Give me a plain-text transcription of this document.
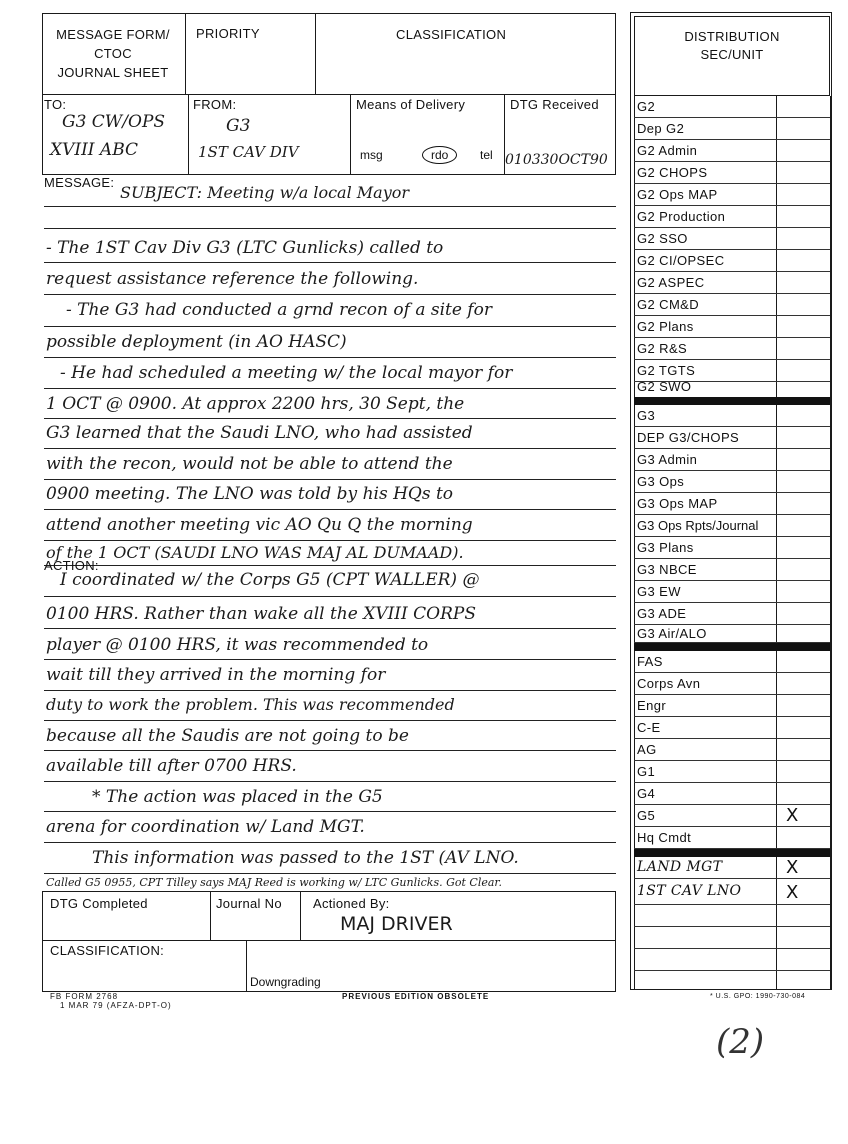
MESSAGE FORM/
CTOC
JOURNAL SHEET
PRIORITY	CLASSIFICATION
TO:
G3 CW/OPS
XVIII ABC
FROM:
G3
1ST CAV DIV
Means of Delivery
msg	rdo	tel
DTG Received
010330OCT90
MESSAGE:
SUBJECT: Meeting w/a local Mayor
- The 1ST Cav Div G3 (LTC Gunlicks) called to
request assistance reference the following.
- The G3 had conducted a grnd recon of a site for
possible deployment (in AO HASC)
- He had scheduled a meeting w/ the local mayor for
1 OCT @ 0900. At approx 2200 hrs, 30 Sept, the
G3 learned that the Saudi LNO, who had assisted
with the recon, would not be able to attend the
0900 meeting. The LNO was told by his HQs to
attend another meeting vic AO Qu Q the morning
of the 1 OCT (SAUDI LNO WAS MAJ AL DUMAAD).
ACTION:
I coordinated w/ the Corps G5 (CPT WALLER) @
0100 HRS. Rather than wake all the XVIII CORPS
player @ 0100 HRS, it was recommended to
wait till they arrived in the morning for
duty to work the problem. This was recommended
because all the Saudis are not going to be
available till after 0700 HRS.
* The action was placed in the G5
arena for coordination w/ Land MGT.
This information was passed to the 1ST (AV LNO.
Called G5 0955, CPT Tilley says MAJ Reed is working w/ LTC Gunlicks. Got Clear.
DTG Completed	Journal No Actioned By:
MAJ DRIVER
CLASSIFICATION:
Downgrading
FB FORM 2768
1 MAR 79 (AFZA-DPT-O)
PREVIOUS EDITION OBSOLETE
DISTRIBUTION
SEC/UNIT
G2
Dep G2
G2 Admin
G2 CHOPS
G2 Ops MAP
G2 Production
G2 SSO
G2 CI/OPSEC
G2 ASPEC
G2 CM&D
G2 Plans
G2 R&S
G2 TGTS
G2 SWO
G3
DEP G3/CHOPS
G3 Admin
G3 Ops
G3 Ops MAP
G3 Ops Rpts/Journal
G3 Plans
G3 NBCE
G3 EW
G3 ADE
G3 Air/ALO
FAS
Corps Avn
Engr
C-E
AG
G1
G4
G5	X
Hq Cmdt
LAND MGT	X
1ST CAV LNO X
* U.S. GPO: 1990-730-084
(2)
